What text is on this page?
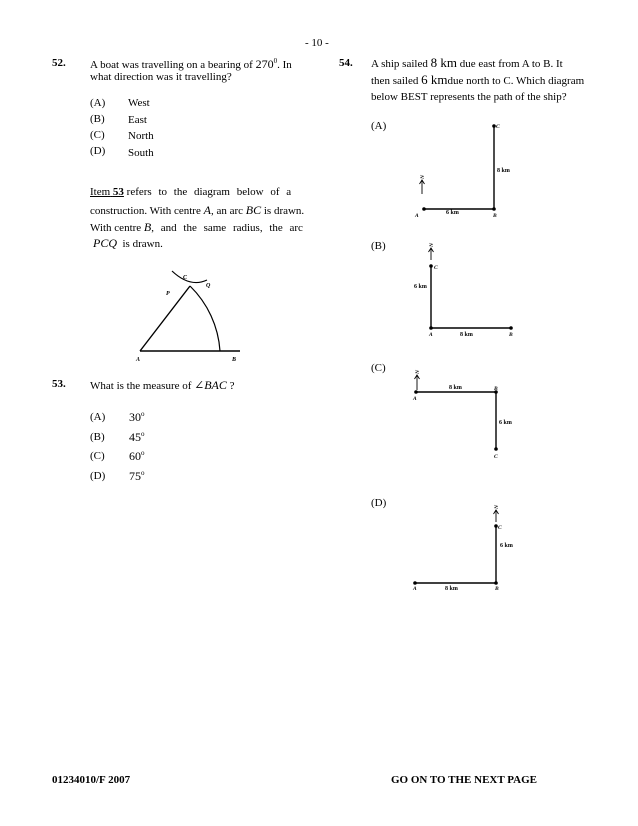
- 10 -
52. A boat was travelling on a bearing of $270^0$. In
what direction was it travelling?
(A) West
(B) East
(C) North
(D) South
Item 53 refers to the diagram below of a
construction. With centre A, an arc BC is drawn.
With centre B, and the same radius, the arc
PCQ is drawn.
C
P
Q
A	B
53. What is the measure of ∠BAC ?
(A) 30$^o$
(B) 45$^o$
(C) 60$^o$
(D) 75$^o$
54. A ship sailed 8 km due east from A to B. It
then sailed 6 kmdue north to C. Which diagram
below BEST represents the path of the ship?
(A)
N
A	B
C
6 km
8 km
(B)	N
A	B
C
8 km
6 km
(C)	N
A
B
C
8 km
6 km
(D)	N
A	B
C
8 km
6 km
01234010/F 2007	GO ON TO THE NEXT PAGE
